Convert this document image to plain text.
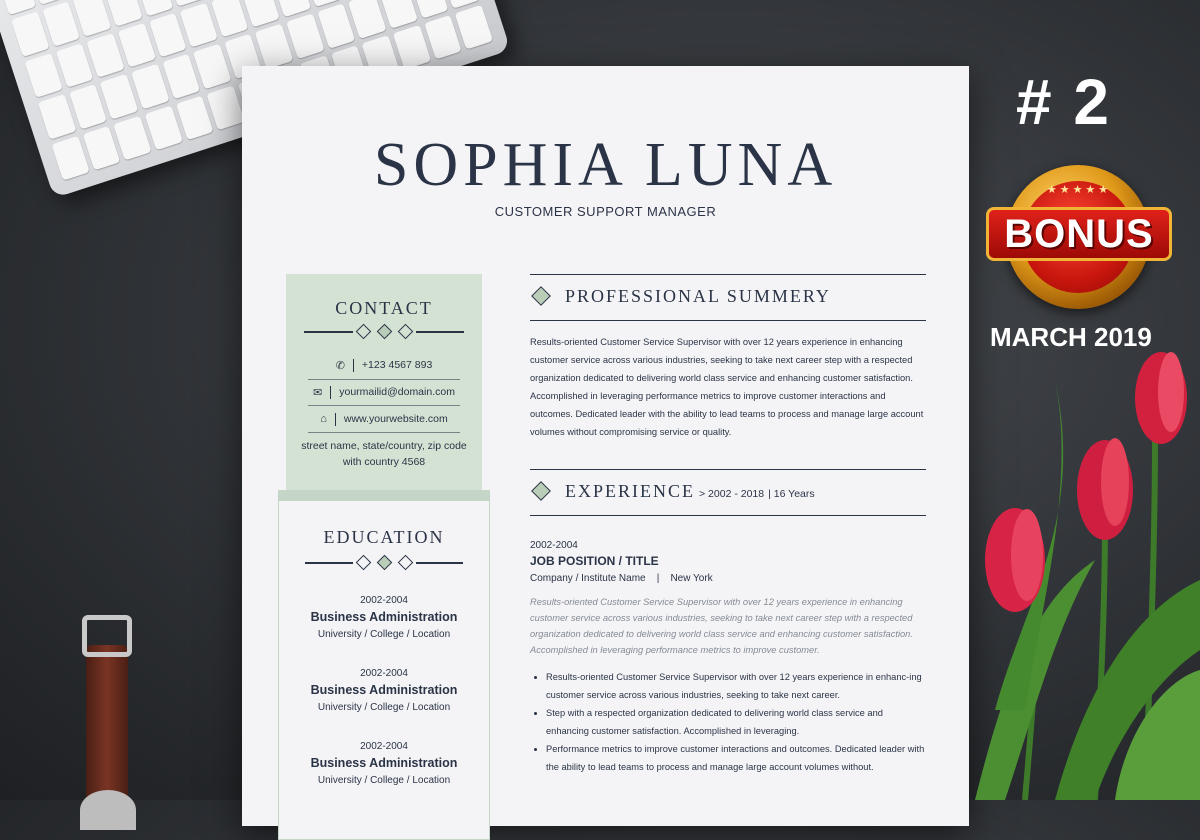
SOPHIA LUNA
CUSTOMER SUPPORT MANAGER
CONTACT
✆ +123 4567 893
✉ yourmailid@domain.com
⌂ www.yourwebsite.com
street name, state/country, zip code
with country 4568
EDUCATION
2002-2004
Business Administration
University / College / Location
2002-2004
Business Administration
University / College / Location
2002-2004
Business Administration
University / College / Location
PROFESSIONAL SUMMERY
Results-oriented Customer Service Supervisor with over 12 years experience in enhancing customer service across various industries, seeking to take next career step with a respected organization dedicated to delivering world class service and enhancing customer satisfaction. Accomplished in leveraging performance metrics to improve customer interactions and outcomes. Dedicated leader with the ability to lead teams to process and manage large account volumes without compromising service or quality.
EXPERIENCE > 2002 - 2018 | 16 Years
2002-2004
JOB POSITION / TITLE
Company / Institute Name    |    New York
Results-oriented Customer Service Supervisor with over 12 years experience in enhancing customer service across various industries, seeking to take next career step with a respected organization dedicated to delivering world class service and enhancing customer satisfaction. Accomplished in leveraging performance metrics to improve customer.
• Results-oriented Customer Service Supervisor with over 12 years experience in enhanc-ing customer service across various industries, seeking to take next career.
• Step with a respected organization dedicated to delivering world class service and enhancing customer satisfaction. Accomplished in leveraging.
• Performance metrics to improve customer interactions and outcomes. Dedicated leader with the ability to lead teams to process and manage large account volumes without.
# 2
★★★★★
BONUS
MARCH 2019
